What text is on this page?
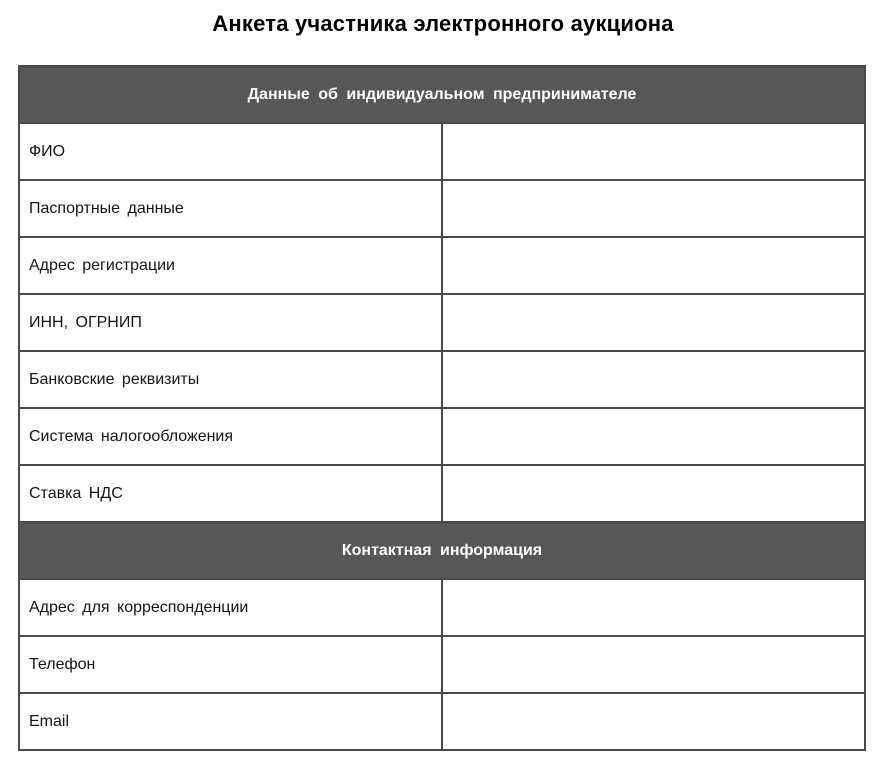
Анкета участника электронного аукциона
Данные об индивидуальном предпринимателе	
ФИО	
Паспортные данные	
Адрес регистрации	
ИНН, ОГРНИП	
Банковские реквизиты	
Система налогообложения	
Ставка НДС	
Контактная информация	
Адрес для корреспонденции	
Телефон	
Email	
